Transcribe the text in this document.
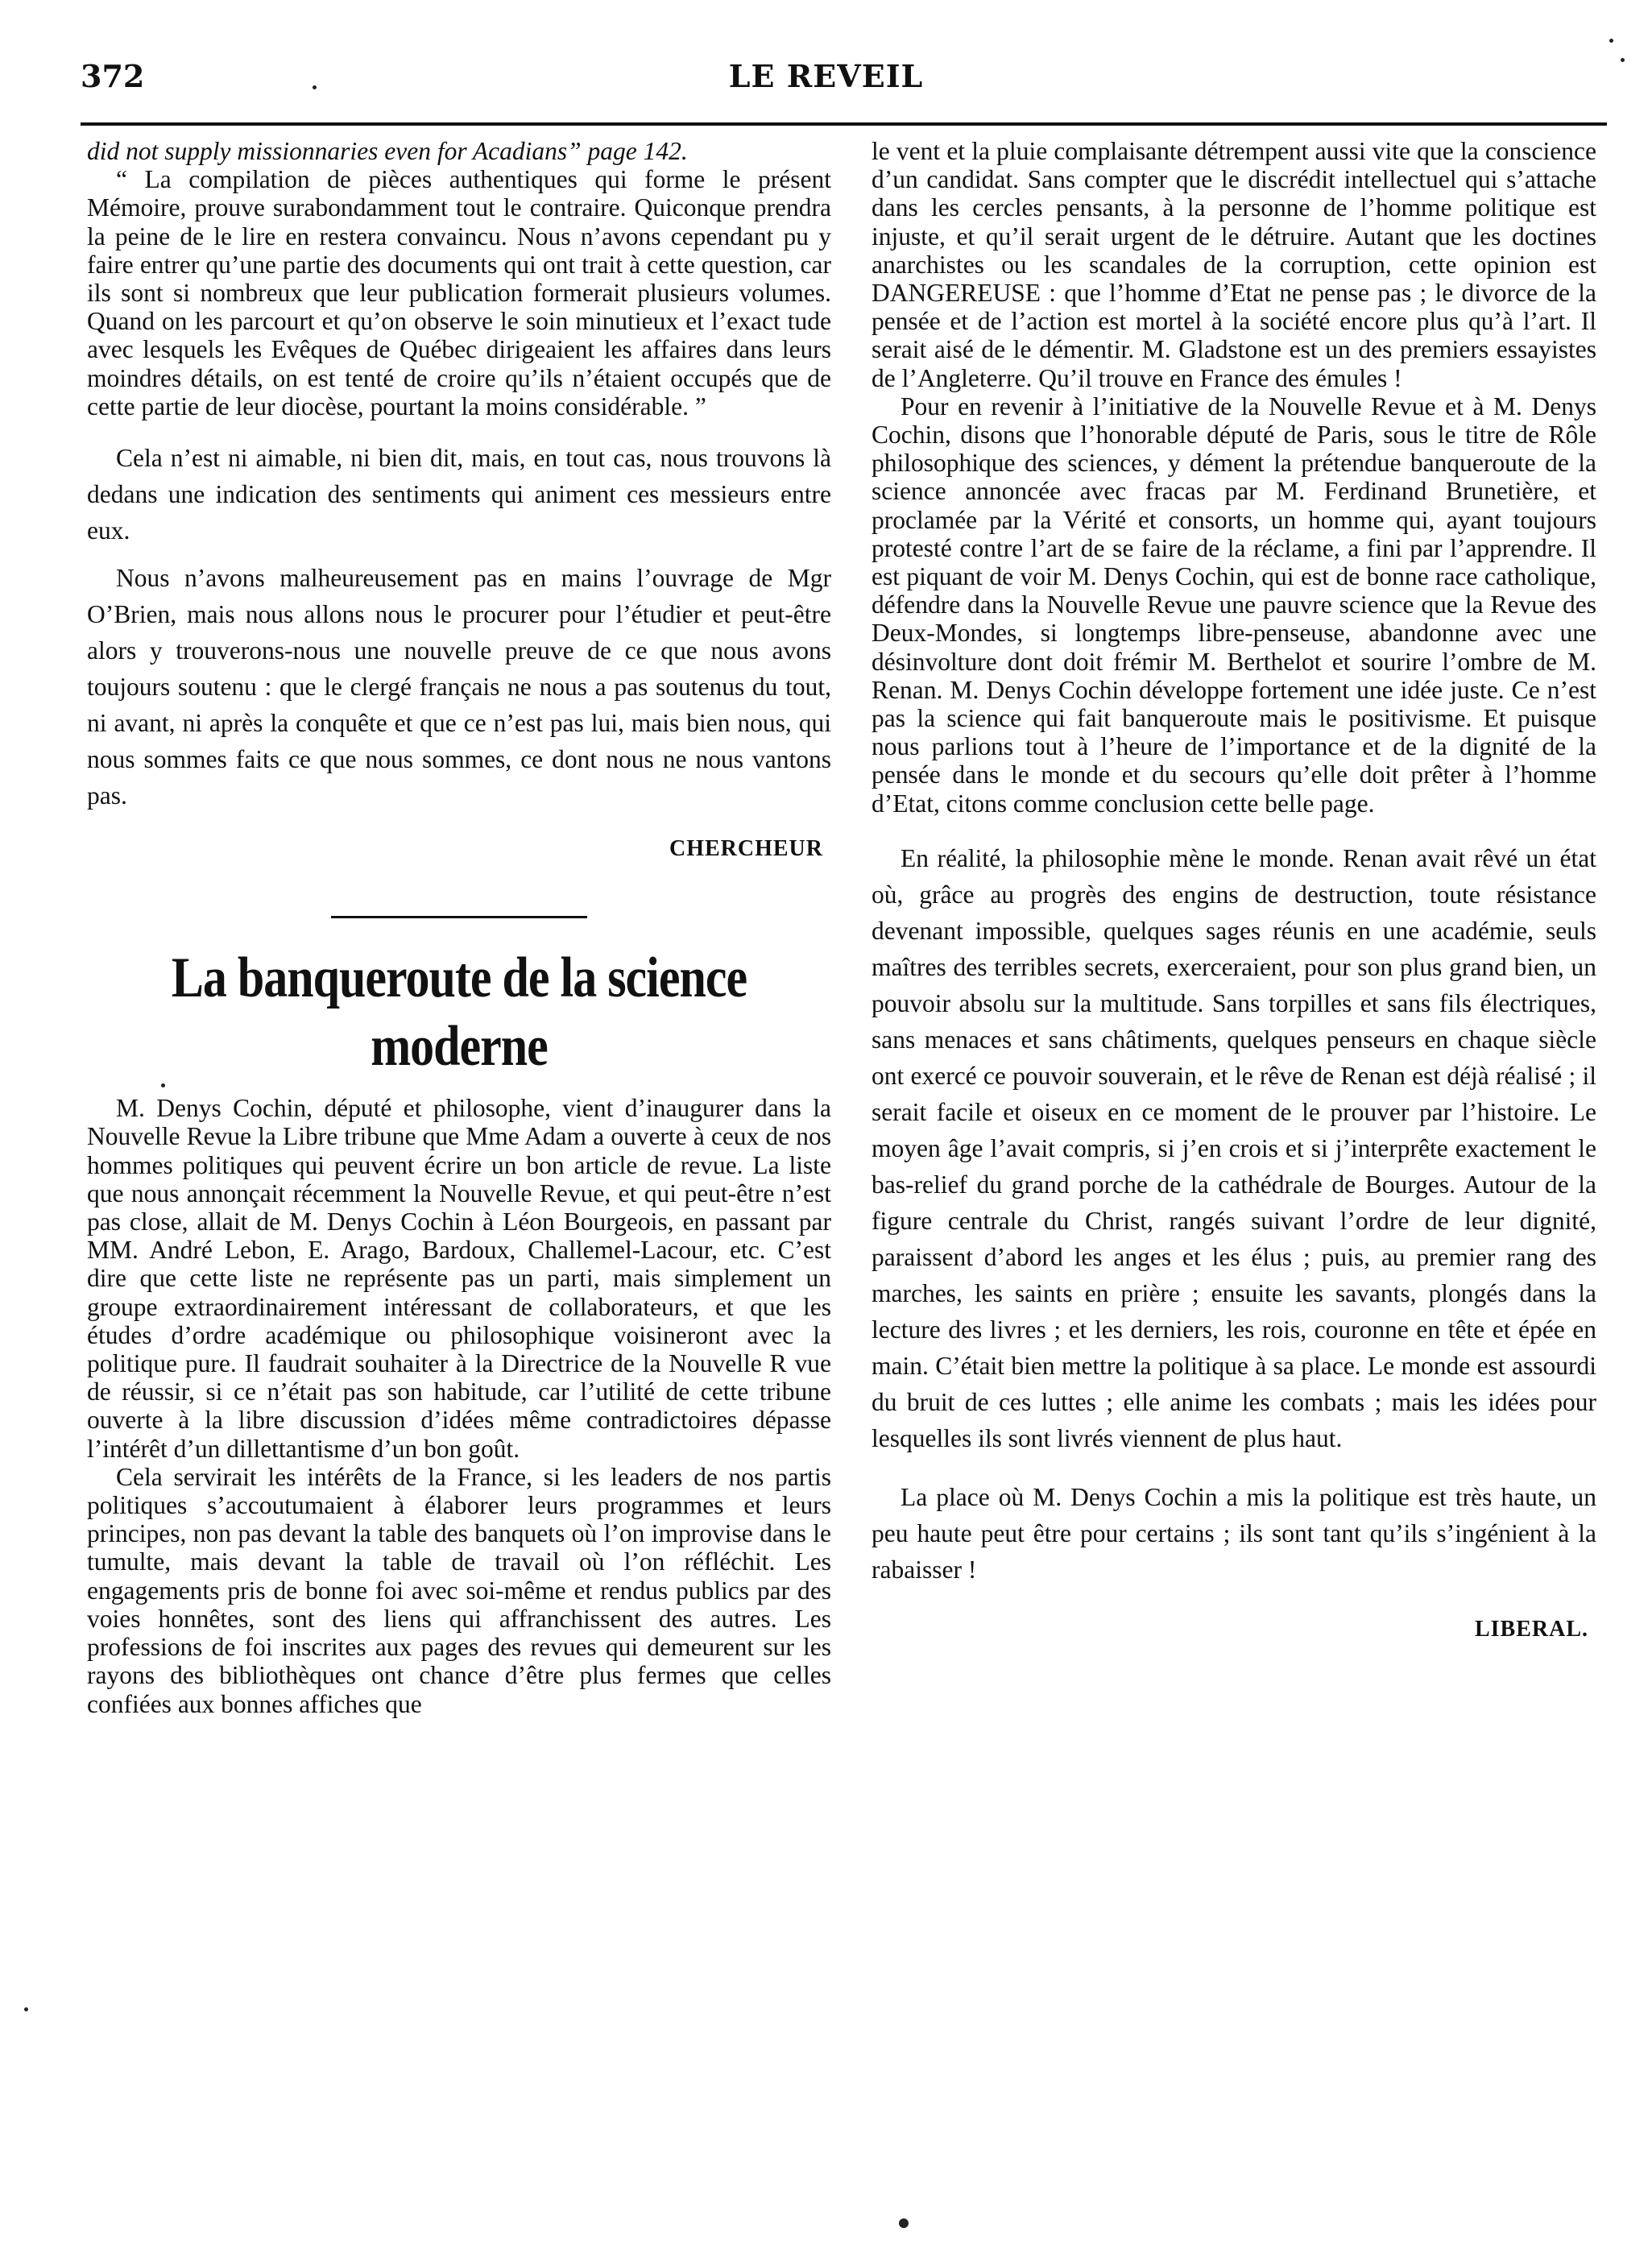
372	LE REVEIL

did not supply missionnaries even for Acadians” page 142.

“ La compilation de pièces authentiques qui forme le présent Mémoire, prouve surabondamment tout le contraire. Quiconque prendra la peine de le lire en restera convaincu. Nous n’avons cependant pu y faire entrer qu’une partie des documents qui ont trait à cette question, car ils sont si nombreux que leur publication formerait plusieurs volumes. Quand on les parcourt et qu’on observe le soin minutieux et l’exact tude avec lesquels les Evêques de Québec dirigeaient les affaires dans leurs moindres détails, on est tenté de croire qu’ils n’étaient occupés que de cette partie de leur diocèse, pourtant la moins considérable. ”

Cela n’est ni aimable, ni bien dit, mais, en tout cas, nous trouvons là dedans une indication des sentiments qui animent ces messieurs entre eux.

Nous n’avons malheureusement pas en mains l’ouvrage de Mgr O’Brien, mais nous allons nous le procurer pour l’étudier et peut-être alors y trouverons-nous une nouvelle preuve de ce que nous avons toujours soutenu : que le clergé français ne nous a pas soutenus du tout, ni avant, ni après la conquête et que ce n’est pas lui, mais bien nous, qui nous sommes faits ce que nous sommes, ce dont nous ne nous vantons pas.

CHERCHEUR
La banqueroute de la science moderne

M. Denys Cochin, député et philosophe, vient d’inaugurer dans la Nouvelle Revue la Libre tribune que Mme Adam a ouverte à ceux de nos hommes politiques qui peuvent écrire un bon article de revue. La liste que nous annonçait récemment la Nouvelle Revue, et qui peut-être n’est pas close, allait de M. Denys Cochin à Léon Bourgeois, en passant par MM. André Lebon, E. Arago, Bardoux, Challemel-Lacour, etc. C’est dire que cette liste ne représente pas un parti, mais simplement un groupe extraordinairement intéressant de collaborateurs, et que les études d’ordre académique ou philosophique voisineront avec la politique pure. Il faudrait souhaiter à la Directrice de la Nouvelle R vue de réussir, si ce n’était pas son habitude, car l’utilité de cette tribune ouverte à la libre discussion d’idées même contradictoires dépasse l’intérêt d’un dillettantisme d’un bon goût.

Cela servirait les intérêts de la France, si les leaders de nos partis politiques s’accoutumaient à élaborer leurs programmes et leurs principes, non pas devant la table des banquets où l’on improvise dans le tumulte, mais devant la table de travail où l’on réfléchit. Les engagements pris de bonne foi avec soi-même et rendus publics par des voies honnêtes, sont des liens qui affranchissent des autres. Les professions de foi inscrites aux pages des revues qui demeurent sur les rayons des bibliothèques ont chance d’être plus fermes que celles confiées aux bonnes affiches que

le vent et la pluie complaisante détrempent aussi vite que la conscience d’un candidat. Sans compter que le discrédit intellectuel qui s’attache dans les cercles pensants, à la personne de l’homme politique est injuste, et qu’il serait urgent de le détruire. Autant que les doctines anarchistes ou les scandales de la corruption, cette opinion est DANGEREUSE : que l’homme d’Etat ne pense pas ; le divorce de la pensée et de l’action est mortel à la société encore plus qu’à l’art. Il serait aisé de le démentir. M. Gladstone est un des premiers essayistes de l’Angleterre. Qu’il trouve en France des émules !

Pour en revenir à l’initiative de la Nouvelle Revue et à M. Denys Cochin, disons que l’honorable député de Paris, sous le titre de Rôle philosophique des sciences, y dément la prétendue banqueroute de la science annoncée avec fracas par M. Ferdinand Brunetière, et proclamée par la Vérité et consorts, un homme qui, ayant toujours protesté contre l’art de se faire de la réclame, a fini par l’apprendre. Il est piquant de voir M. Denys Cochin, qui est de bonne race catholique, défendre dans la Nouvelle Revue une pauvre science que la Revue des Deux-Mondes, si longtemps libre-penseuse, abandonne avec une désinvolture dont doit frémir M. Berthelot et sourire l’ombre de M. Renan. M. Denys Cochin développe fortement une idée juste. Ce n’est pas la science qui fait banqueroute mais le positivisme. Et puisque nous parlions tout à l’heure de l’importance et de la dignité de la pensée dans le monde et du secours qu’elle doit prêter à l’homme d’Etat, citons comme conclusion cette belle page.

En réalité, la philosophie mène le monde. Renan avait rêvé un état où, grâce au progrès des engins de destruction, toute résistance devenant impossible, quelques sages réunis en une académie, seuls maîtres des terribles secrets, exerceraient, pour son plus grand bien, un pouvoir absolu sur la multitude. Sans torpilles et sans fils électriques, sans menaces et sans châtiments, quelques penseurs en chaque siècle ont exercé ce pouvoir souverain, et le rêve de Renan est déjà réalisé ; il serait facile et oiseux en ce moment de le prouver par l’histoire. Le moyen âge l’avait compris, si j’en crois et si j’interprête exactement le bas-relief du grand porche de la cathédrale de Bourges. Autour de la figure centrale du Christ, rangés suivant l’ordre de leur dignité, paraissent d’abord les anges et les élus ; puis, au premier rang des marches, les saints en prière ; ensuite les savants, plongés dans la lecture des livres ; et les derniers, les rois, couronne en tête et épée en main. C’était bien mettre la politique à sa place. Le monde est assourdi du bruit de ces luttes ; elle anime les combats ; mais les idées pour lesquelles ils sont livrés viennent de plus haut.

La place où M. Denys Cochin a mis la politique est très haute, un peu haute peut être pour certains ; ils sont tant qu’ils s’ingénient à la rabaisser !

LIBERAL.
